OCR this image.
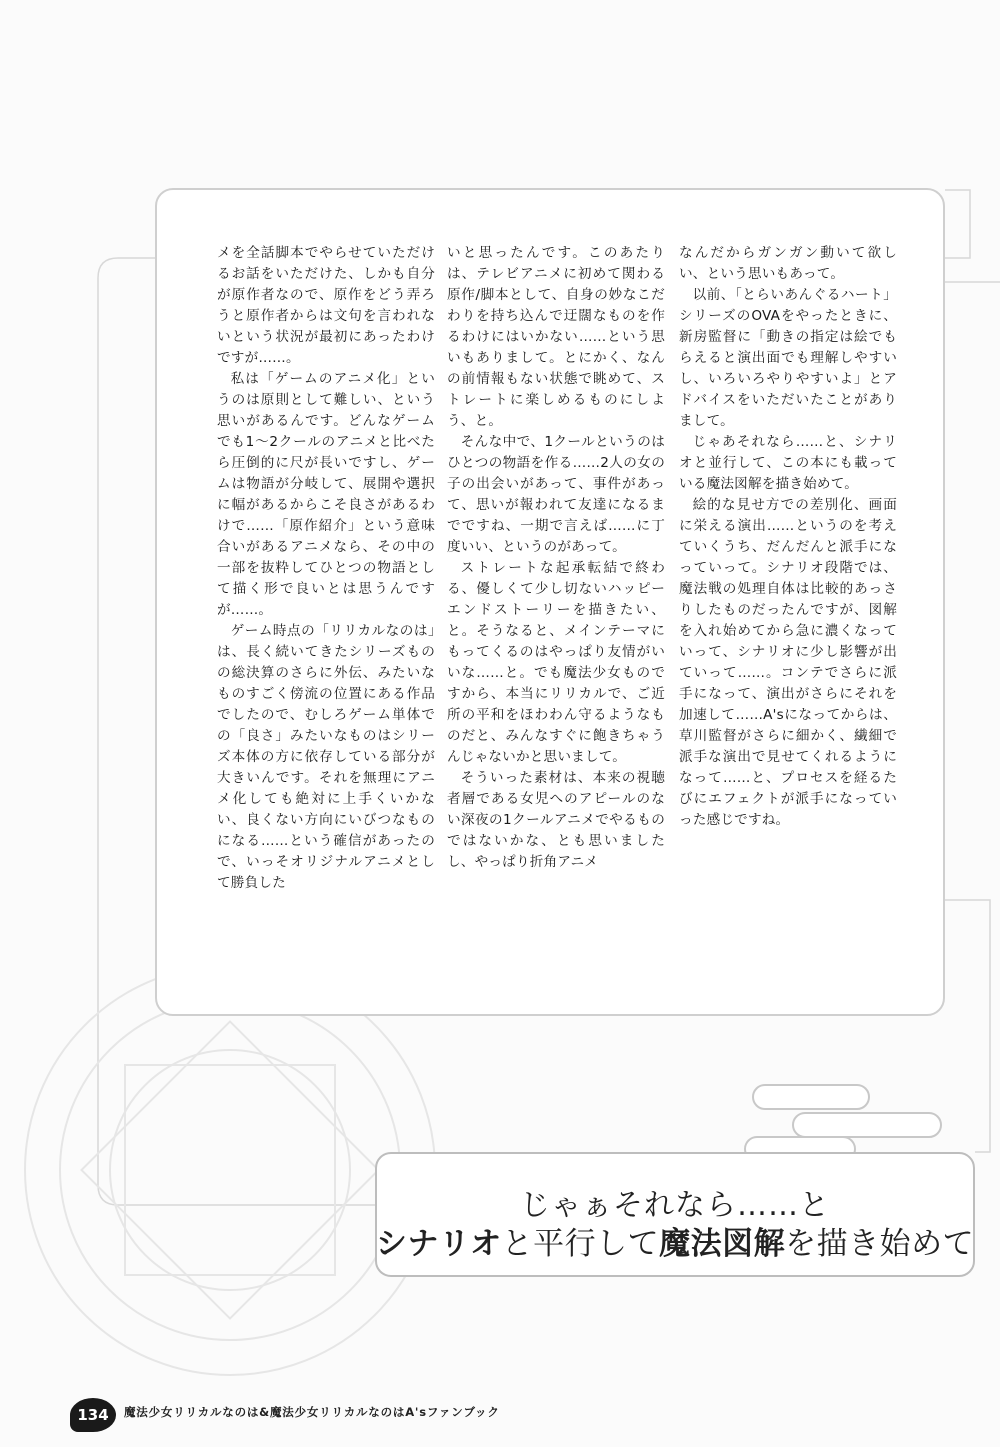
メを全話脚本でやらせていただけるお話をいただけた、しかも自分が原作者なので、原作をどう弄ろうと原作者からは文句を言われないという状況が最初にあったわけですが……。

私は「ゲームのアニメ化」というのは原則として難しい、という思いがあるんです。どんなゲームでも1～2クールのアニメと比べたら圧倒的に尺が長いですし、ゲームは物語が分岐して、展開や選択に幅があるからこそ良さがあるわけで……「原作紹介」という意味合いがあるアニメなら、その中の一部を抜粋してひとつの物語として描く形で良いとは思うんですが……。

ゲーム時点の「リリカルなのは」は、長く続いてきたシリーズものの総決算のさらに外伝、みたいなものすごく傍流の位置にある作品でしたので、むしろゲーム単体での「良さ」みたいなものはシリーズ本体の方に依存している部分が大きいんです。それを無理にアニメ化しても絶対に上手くいかない、良くない方向にいびつなものになる……という確信があったので、いっそオリジナルアニメとして勝負した

いと思ったんです。このあたりは、テレビアニメに初めて関わる原作/脚本として、自身の妙なこだわりを持ち込んで迂闊なものを作るわけにはいかない……という思いもありまして。とにかく、なんの前情報もない状態で眺めて、ストレートに楽しめるものにしよう、と。

そんな中で、1クールというのはひとつの物語を作る……2人の女の子の出会いがあって、事件があって、思いが報われて友達になるまでですね、一期で言えば……に丁度いい、というのがあって。

ストレートな起承転結で終わる、優しくて少し切ないハッピーエンドストーリーを描きたい、と。そうなると、メインテーマにもってくるのはやっぱり友情がいいな……と。でも魔法少女ものですから、本当にリリカルで、ご近所の平和をほわわん守るようなものだと、みんなすぐに飽きちゃうんじゃないかと思いまして。

そういった素材は、本来の視聴者層である女児へのアピールのない深夜の1クールアニメでやるものではないかな、とも思いましたし、やっぱり折角アニメ

なんだからガンガン動いて欲しい、という思いもあって。

以前、「とらいあんぐるハート」シリーズのOVAをやったときに、新房監督に「動きの指定は絵でもらえると演出面でも理解しやすいし、いろいろやりやすいよ」とアドバイスをいただいたことがありまして。

じゃあそれなら……と、シナリオと並行して、この本にも載っている魔法図解を描き始めて。

絵的な見せ方での差別化、画面に栄える演出……というのを考えていくうち、だんだんと派手になっていって。シナリオ段階では、魔法戦の処理自体は比較的あっさりしたものだったんですが、図解を入れ始めてから急に濃くなっていって、シナリオに少し影響が出ていって……。コンテでさらに派手になって、演出がさらにそれを加速して……A'sになってからは、草川監督がさらに細かく、繊細で派手な演出で見せてくれるようになって……と、プロセスを経るたびにエフェクトが派手になっていった感じですね。

じゃぁそれなら……と
シナリオと平行して魔法図解を描き始めて
134	魔法少女リリカルなのは&魔法少女リリカルなのはA'sファンブック
